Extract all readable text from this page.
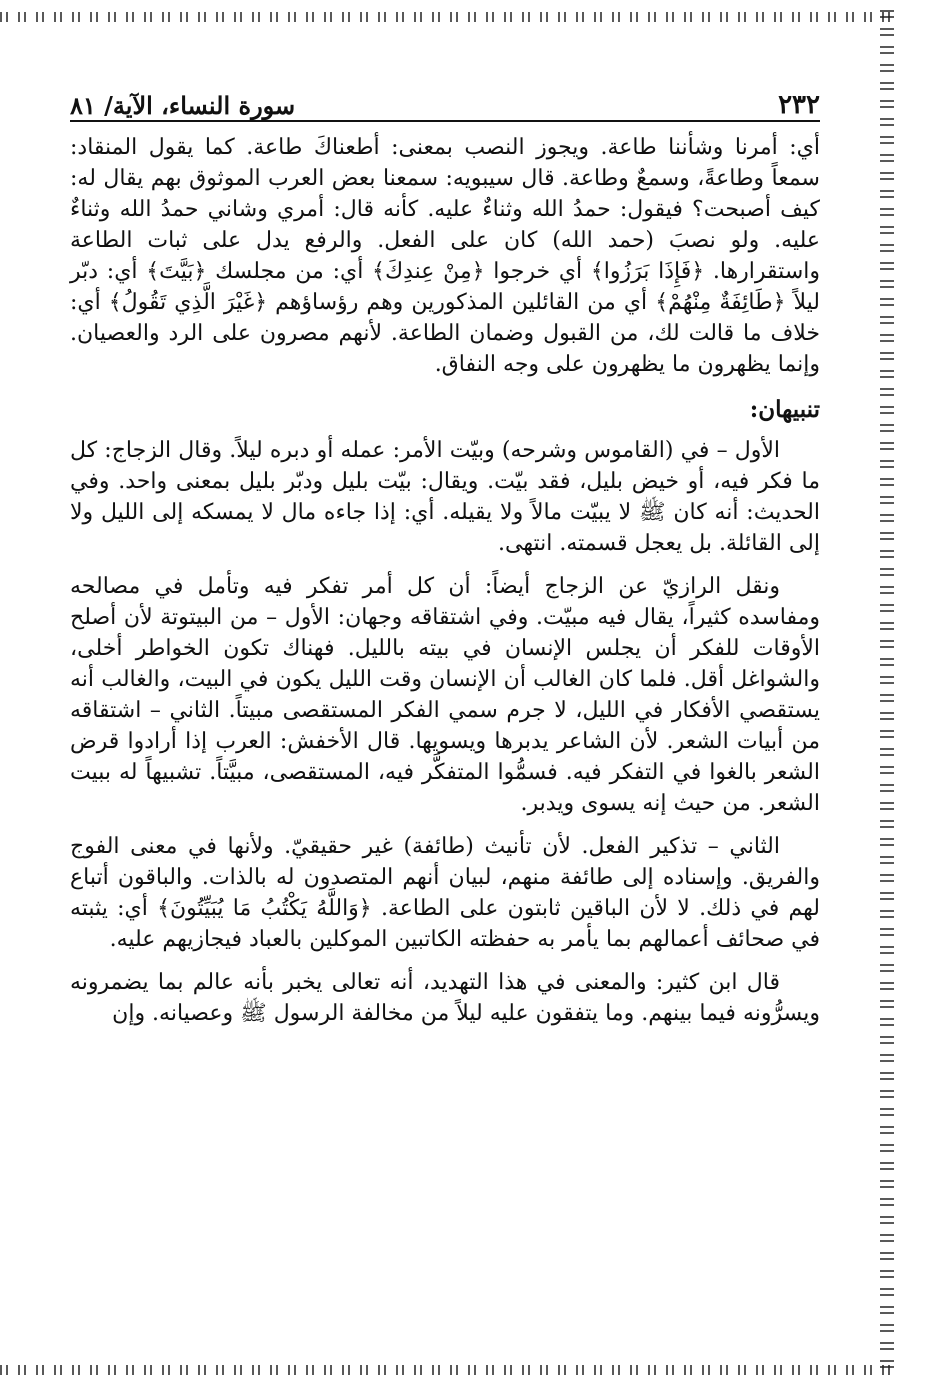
٢٣٢
سورة النساء، الآية/ ٨١

أي: أمرنا وشأننا طاعة. ويجوز النصب بمعنى: أطعناكَ طاعة. كما يقول المنقاد: سمعاً وطاعةً، وسمعٌ وطاعة. قال سيبويه: سمعنا بعض العرب الموثوق بهم يقال له: كيف أصبحت؟ فيقول: حمدُ الله وثناءٌ عليه. كأنه قال: أمري وشاني حمدُ الله وثناءٌ عليه. ولو نصبَ (حمد الله) كان على الفعل. والرفع يدل على ثبات الطاعة واستقرارها. ﴿فَإِذَا بَرَزُوا﴾ أي خرجوا ﴿مِنْ عِندِكَ﴾ أي: من مجلسك ﴿بَيَّتَ﴾ أي: دبّر ليلاً ﴿طَائِفَةٌ مِنْهُمْ﴾ أي من القائلين المذكورين وهم رؤساؤهم ﴿غَيْرَ الَّذِي تَقُولُ﴾ أي: خلاف ما قالت لك، من القبول وضمان الطاعة. لأنهم مصرون على الرد والعصيان. وإنما يظهرون ما يظهرون على وجه النفاق.

تنبيهان:

الأول – في (القاموس وشرحه) وبيّت الأمر: عمله أو دبره ليلاً. وقال الزجاج: كل ما فكر فيه، أو خيض بليل، فقد بيّت. ويقال: بيّت بليل ودبّر بليل بمعنى واحد. وفي الحديث: أنه كان ﷺ لا يبيّت مالاً ولا يقيله. أي: إذا جاءه مال لا يمسكه إلى الليل ولا إلى القائلة. بل يعجل قسمته. انتهى.

ونقل الرازيّ عن الزجاج أيضاً: أن كل أمر تفكر فيه وتأمل في مصالحه ومفاسده كثيراً، يقال فيه مبيّت. وفي اشتقاقه وجهان: الأول – من البيتوتة لأن أصلح الأوقات للفكر أن يجلس الإنسان في بيته بالليل. فهناك تكون الخواطر أخلى، والشواغل أقل. فلما كان الغالب أن الإنسان وقت الليل يكون في البيت، والغالب أنه يستقصي الأفكار في الليل، لا جرم سمي الفكر المستقصى مبيتاً. الثاني – اشتقاقه من أبيات الشعر. لأن الشاعر يدبرها ويسويها. قال الأخفش: العرب إذا أرادوا قرض الشعر بالغوا في التفكر فيه. فسمُّوا المتفكَّر فيه، المستقصى، مبيَّتاً. تشبيهاً له ببيت الشعر. من حيث إنه يسوى ويدبر.

الثاني – تذكير الفعل. لأن تأنيث (طائفة) غير حقيقيّ. ولأنها في معنى الفوج والفريق. وإسناده إلى طائفة منهم، لبيان أنهم المتصدون له بالذات. والباقون أتباع لهم في ذلك. لا لأن الباقين ثابتون على الطاعة. ﴿وَاللَّهُ يَكْتُبُ مَا يُبَيِّتُونَ﴾ أي: يثبته في صحائف أعمالهم بما يأمر به حفظته الكاتبين الموكلين بالعباد فيجازيهم عليه.

قال ابن كثير: والمعنى في هذا التهديد، أنه تعالى يخبر بأنه عالم بما يضمرونه ويسرُّونه فيما بينهم. وما يتفقون عليه ليلاً من مخالفة الرسول ﷺ وعصيانه. وإن
